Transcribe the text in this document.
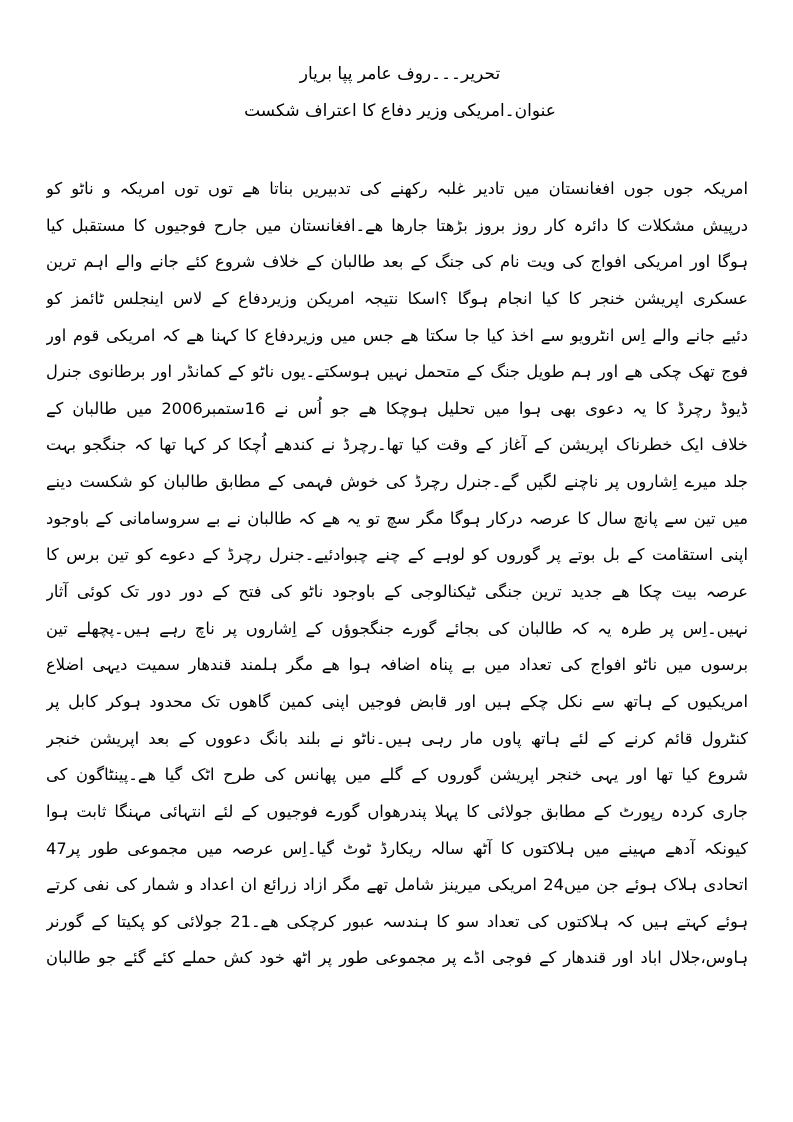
تحریر۔۔۔روف عامر پپا بریار
عنوان۔امریکی وزیر دفاع کا اعتراف شکست
امریکہ جوں جوں افغانستان میں تادیر غلبہ رکھنے کی تدبیریں بناتا ھے توں توں امریکہ و ناٹو کو
درپیش مشکلات کا دائرہ کار روز بروز بڑھتا جارھا ھے۔افغانستان میں جارح فوجیوں کا مستقبل کیا
ہوگا اور امریکی افواج کی ویت نام کی جنگ کے بعد طالبان کے خلاف شروع کئے جانے والے اہم ترین
عسکری اپریشن خنجر کا کیا انجام ہوگا ؟اسکا نتیجہ امریکن وزیردفاع کے لاس اینجلس ٹائمز کو
دئیے جانے والے اِس انٹرویو سے اخذ کیا جا سکتا ھے جس میں وزیردفاع کا کہنا ھے کہ امریکی قوم اور
فوج تھک چکی ھے اور ہم طویل جنگ کے متحمل نہیں ہوسکتے۔یوں ناٹو کے کمانڈر اور برطانوی جنرل
ڈیوڈ رچرڈ کا یہ دعوی بھی ہوا میں تحلیل ہوچکا ھے جو اُس نے 16ستمبر2006 میں طالبان کے
خلاف ایک خطرناک اپریشن کے آغاز کے وقت کیا تھا۔رچرڈ نے کندھے اُچکا کر کہا تھا کہ جنگجو بہت
جلد میرے اِشاروں پر ناچنے لگیں گے۔جنرل رچرڈ کی خوش فہمی کے مطابق طالبان کو شکست دینے
میں تین سے پانچ سال کا عرصہ درکار ہوگا مگر سچ تو یہ ھے کہ طالبان نے بے سروسامانی کے باوجود
اپنی استقامت کے بل بوتے پر گوروں کو لوہے کے چنے چبوادئیے۔جنرل رچرڈ کے دعوے کو تین برس کا
عرصہ بیت چکا ھے جدید ترین جنگی ٹیکنالوجی کے باوجود ناٹو کی فتح کے دور دور تک کوئی آثار
نہیں۔اِس پر طرہ یہ کہ طالبان کی بجائے گورے جنگجوؤں کے اِشاروں پر ناچ رہے ہیں۔پچھلے تین
برسوں میں ناٹو افواج کی تعداد میں بے پناہ اضافہ ہوا ھے مگر ہلمند قندھار سمیت دیہی اضلاع
امریکیوں کے ہاتھ سے نکل چکے ہیں اور قابض فوجیں اپنی کمین گاھوں تک محدود ہوکر کابل پر
کنٹرول قائم کرنے کے لئے ہاتھ پاوں مار رہی ہیں۔ناٹو نے بلند بانگ دعووں کے بعد اپریشن خنجر
شروع کیا تھا اور یہی خنجر اپریشن گوروں کے گلے میں پھانس کی طرح اٹک گیا ھے۔پینٹاگون کی
جاری کردہ رپورٹ کے مطابق جولائی کا پہلا پندرھواں گورے فوجیوں کے لئے انتہائی مہنگا ثابت ہوا
کیونکہ آدھے مہینے میں ہلاکتوں کا آٹھ سالہ ریکارڈ ٹوٹ گیا۔اِس عرصہ میں مجموعی طور پر47
اتحادی ہلاک ہوئے جن میں24 امریکی میرینز شامل تھے مگر ازاد زرائع ان اعداد و شمار کی نفی کرتے
ہوئے کہتے ہیں کہ ہلاکتوں کی تعداد سو کا ہندسہ عبور کرچکی ھے۔21 جولائی کو پکیتا کے گورنر
ہاوس،جلال اباد اور قندھار کے فوجی اڈے پر مجموعی طور پر اٹھ خود کش حملے کئے گئے جو طالبان
